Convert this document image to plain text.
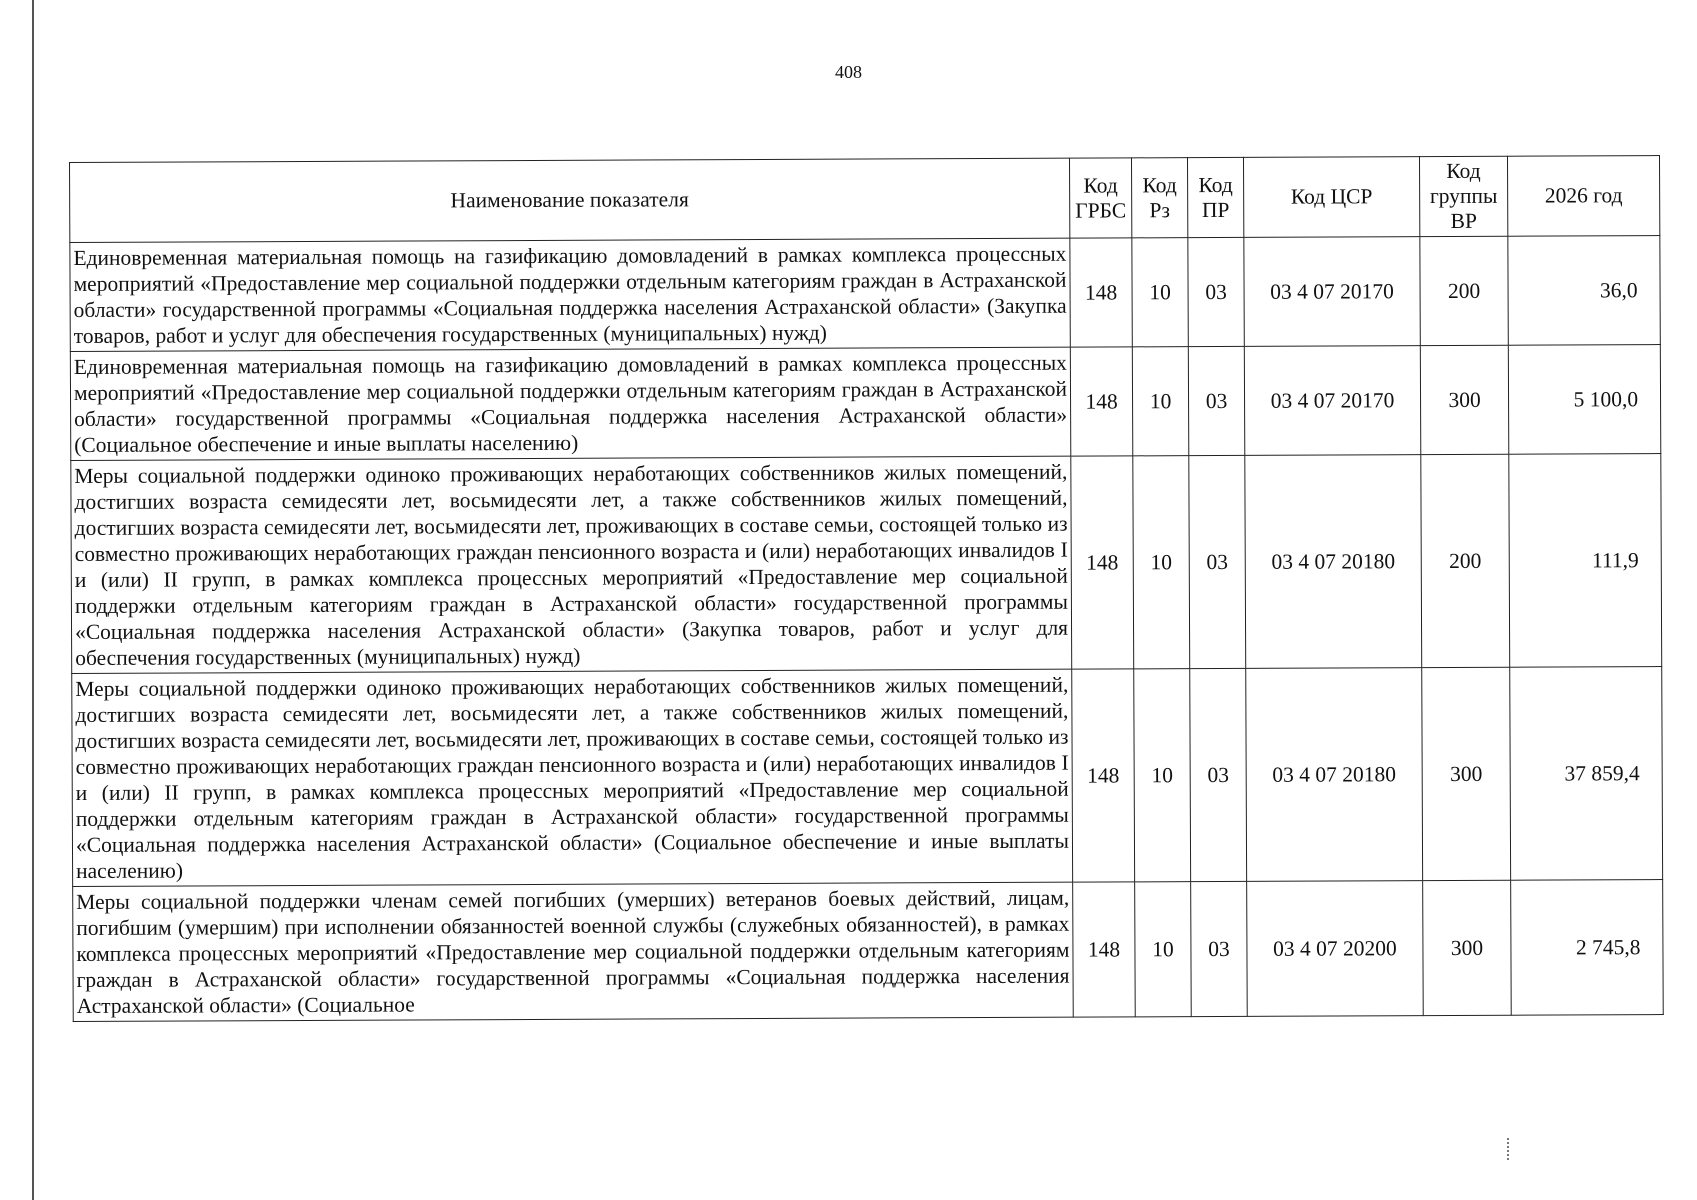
408
Наименование показателя	Код ГРБС	Код Рз	Код ПР	Код ЦСР	Код группы ВР	2026 год
Единовременная материальная помощь на газификацию домовладений в рамках комплекса процессных мероприятий «Предоставление мер социальной поддержки отдельным категориям граждан в Астраханской области» государственной программы «Социальная поддержка населения Астраханской области» (Закупка товаров, работ и услуг для обеспечения государственных (муниципальных) нужд)	148	10	03	03 4 07 20170	200	36,0
Единовременная материальная помощь на газификацию домовладений в рамках комплекса процессных мероприятий «Предоставление мер социальной поддержки отдельным категориям граждан в Астраханской области» государственной программы «Социальная поддержка населения Астраханской области» (Социальное обеспечение и иные выплаты населению)	148	10	03	03 4 07 20170	300	5 100,0
Меры социальной поддержки одиноко проживающих неработающих собственников жилых помещений, достигших возраста семидесяти лет, восьмидесяти лет, а также собственников жилых помещений, достигших возраста семидесяти лет, восьмидесяти лет, проживающих в составе семьи, состоящей только из совместно проживающих неработающих граждан пенсионного возраста и (или) неработающих инвалидов I и (или) II групп, в рамках комплекса процессных мероприятий «Предоставление мер социальной поддержки отдельным категориям граждан в Астраханской области» государственной программы «Социальная поддержка населения Астраханской области» (Закупка товаров, работ и услуг для обеспечения государственных (муниципальных) нужд)	148	10	03	03 4 07 20180	200	111,9
Меры социальной поддержки одиноко проживающих неработающих собственников жилых помещений, достигших возраста семидесяти лет, восьмидесяти лет, а также собственников жилых помещений, достигших возраста семидесяти лет, восьмидесяти лет, проживающих в составе семьи, состоящей только из совместно проживающих неработающих граждан пенсионного возраста и (или) неработающих инвалидов I и (или) II групп, в рамках комплекса процессных мероприятий «Предоставление мер социальной поддержки отдельным категориям граждан в Астраханской области» государственной программы «Социальная поддержка населения Астраханской области» (Социальное обеспечение и иные выплаты населению)	148	10	03	03 4 07 20180	300	37 859,4
Меры социальной поддержки членам семей погибших (умерших) ветеранов боевых действий, лицам, погибшим (умершим) при исполнении обязанностей военной службы (служебных обязанностей), в рамках комплекса процессных мероприятий «Предоставление мер социальной поддержки отдельным категориям граждан в Астраханской области» государственной программы «Социальная поддержка населения Астраханской области» (Социальное	148	10	03	03 4 07 20200	300	2 745,8
